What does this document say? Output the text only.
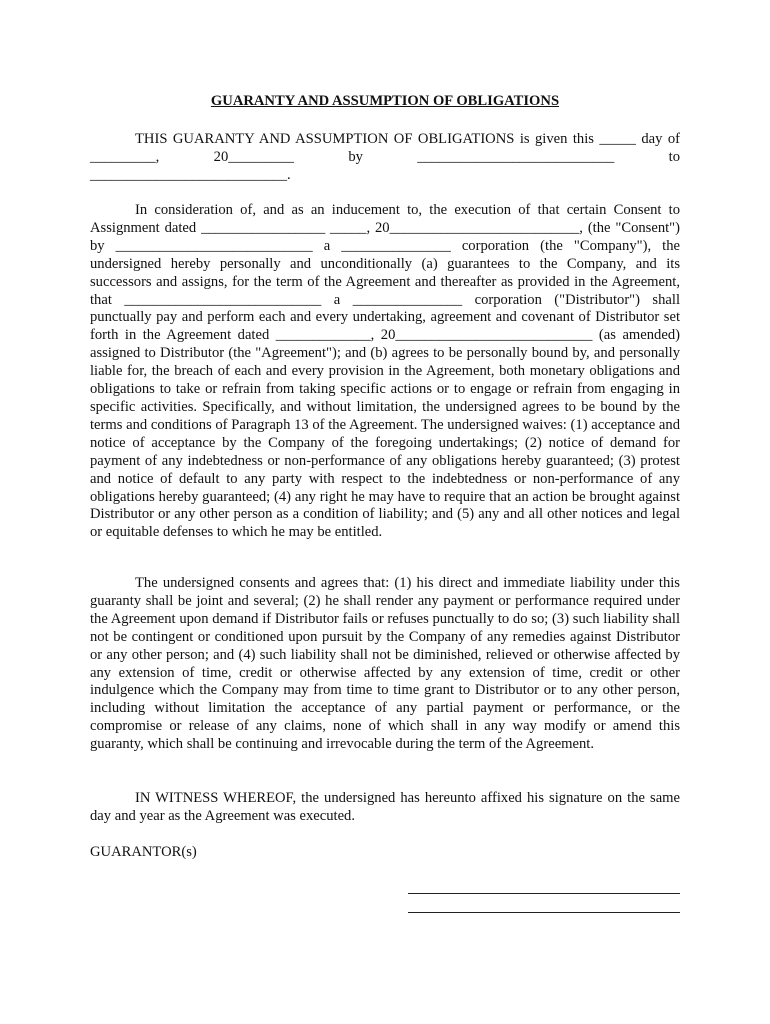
GUARANTY AND ASSUMPTION OF OBLIGATIONS

THIS GUARANTY AND ASSUMPTION OF OBLIGATIONS is given this _____ day of _________, 20_________ by ___________________________ to ___________________________.

In consideration of, and as an inducement to, the execution of that certain Consent to Assignment dated _________________ _____, 20__________________________, (the "Consent") by ___________________________ a _______________ corporation (the "Company"), the undersigned hereby personally and unconditionally (a) guarantees to the Company, and its successors and assigns, for the term of the Agreement and thereafter as provided in the Agreement, that ___________________________ a _______________ corporation ("Distributor") shall punctually pay and perform each and every undertaking, agreement and covenant of Distributor set forth in the Agreement dated _____________, 20___________________________ (as amended) assigned to Distributor (the "Agreement"); and (b) agrees to be personally bound by, and personally liable for, the breach of each and every provision in the Agreement, both monetary obligations and obligations to take or refrain from taking specific actions or to engage or refrain from engaging in specific activities. Specifically, and without limitation, the undersigned agrees to be bound by the terms and conditions of Paragraph 13 of the Agreement. The undersigned waives: (1) acceptance and notice of acceptance by the Company of the foregoing undertakings; (2) notice of demand for payment of any indebtedness or non-performance of any obligations hereby guaranteed; (3) protest and notice of default to any party with respect to the indebtedness or non-performance of any obligations hereby guaranteed; (4) any right he may have to require that an action be brought against Distributor or any other person as a condition of liability; and (5) any and all other notices and legal or equitable defenses to which he may be entitled.

The undersigned consents and agrees that: (1) his direct and immediate liability under this guaranty shall be joint and several; (2) he shall render any payment or performance required under the Agreement upon demand if Distributor fails or refuses punctually to do so; (3) such liability shall not be contingent or conditioned upon pursuit by the Company of any remedies against Distributor or any other person; and (4) such liability shall not be diminished, relieved or otherwise affected by any extension of time, credit or otherwise affected by any extension of time, credit or other indulgence which the Company may from time to time grant to Distributor or to any other person, including without limitation the acceptance of any partial payment or performance, or the compromise or release of any claims, none of which shall in any way modify or amend this guaranty, which shall be continuing and irrevocable during the term of the Agreement.

IN WITNESS WHEREOF, the undersigned has hereunto affixed his signature on the same day and year as the Agreement was executed.

GUARANTOR(s)
